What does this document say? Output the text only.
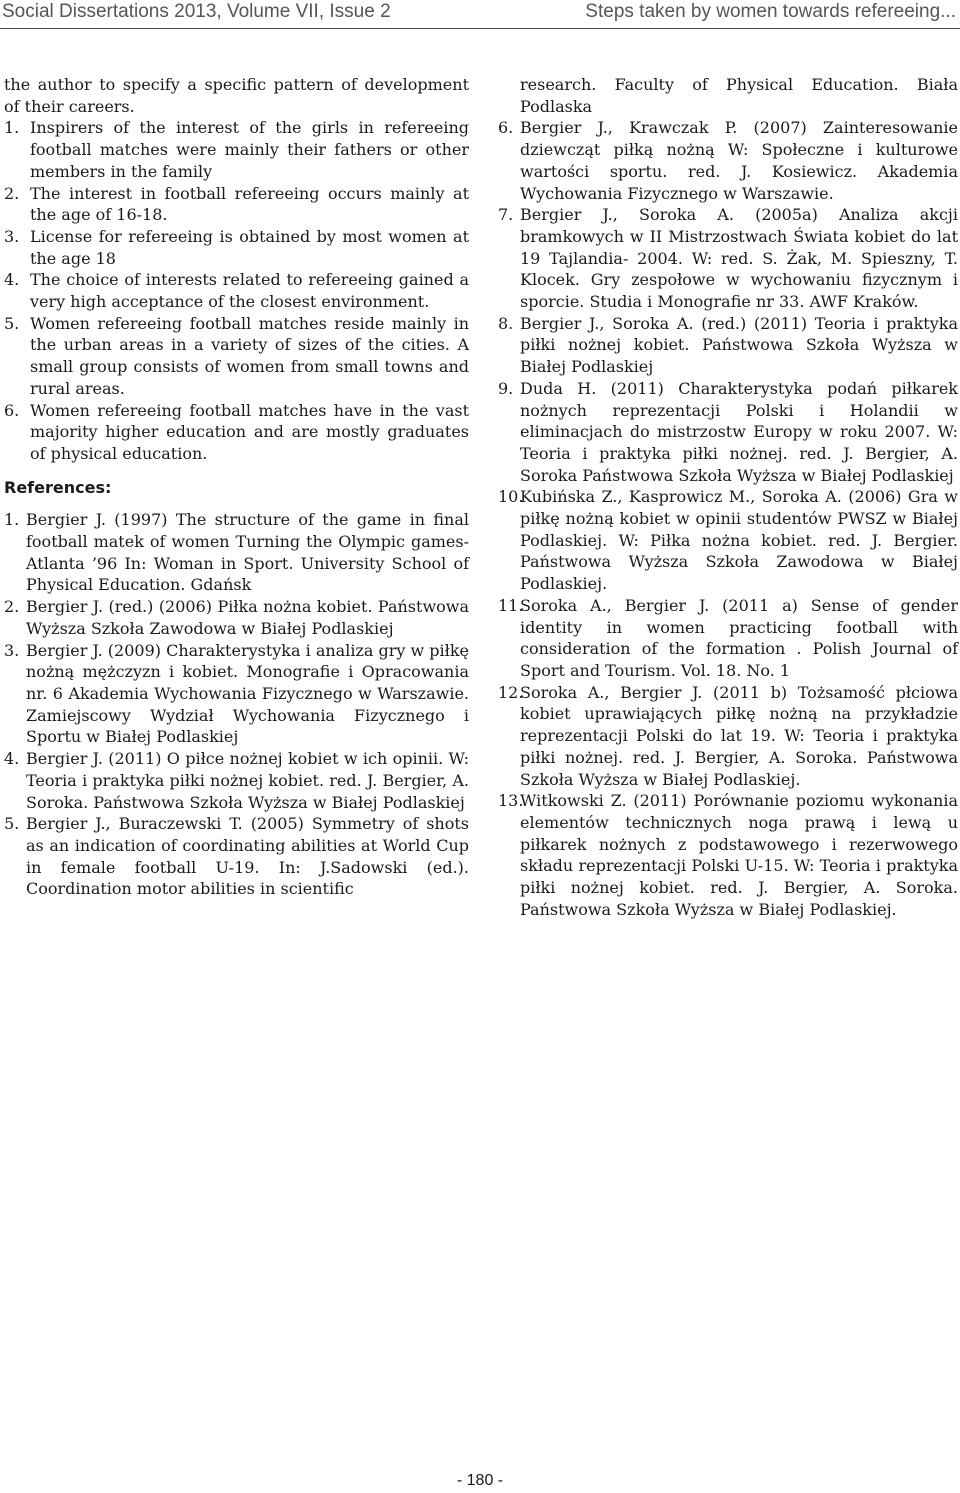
Social Dissertations 2013, Volume VII, Issue 2	Steps taken by women towards refereeing...

the author to specify a specific pattern of development of their careers.

1. Inspirers of the interest of the girls in refereeing football matches were mainly their fathers or other members in the family
2. The interest in football refereeing occurs mainly at the age of 16-18.
3. License for refereeing is obtained by most women at the age 18
4. The choice of interests related to refereeing gained a very high acceptance of the closest environment.
5. Women refereeing football matches reside mainly in the urban areas in a variety of sizes of the cities. A small group consists of women from small towns and rural areas.
6. Women refereeing football matches have in the vast majority higher education and are mostly graduates of physical education.
References:
1. Bergier J. (1997) The structure of the game in final football matek of women Turning the Olympic games- Atlanta ’96 In: Woman in Sport. University School of Physical Education. Gdańsk
2. Bergier J. (red.) (2006) Piłka nożna kobiet. Państwowa Wyższa Szkoła Zawodowa w Białej Podlaskiej
3. Bergier J. (2009) Charakterystyka i analiza gry w piłkę nożną mężczyzn i kobiet. Monografie i Opracowania nr. 6 Akademia Wychowania Fizycznego w Warszawie. Zamiejscowy Wydział Wychowania Fizycznego i Sportu w Białej Podlaskiej
4. Bergier J. (2011) O piłce nożnej kobiet w ich opinii. W: Teoria i praktyka piłki nożnej kobiet. red. J. Bergier, A. Soroka. Państwowa Szkoła Wyższa w Białej Podlaskiej
5. Bergier J., Buraczewski T. (2005) Symmetry of shots as an indication of coordinating abilities at World Cup in female football U-19. In: J.Sadowski (ed.). Coordination motor abilities in scientific

research. Faculty of Physical Education. Biała Podlaska

6. Bergier J., Krawczak P. (2007) Zainteresowanie dziewcząt piłką nożną W: Społeczne i kulturowe wartości sportu. red. J. Kosiewicz. Akademia Wychowania Fizycznego w Warszawie.
7. Bergier J., Soroka A. (2005a) Analiza akcji bramkowych w II Mistrzostwach Świata kobiet do lat 19 Tajlandia- 2004. W: red. S. Żak, M. Spieszny, T. Klocek. Gry zespołowe w wychowaniu fizycznym i sporcie. Studia i Monografie nr 33. AWF Kraków.
8. Bergier J., Soroka A. (red.) (2011) Teoria i praktyka piłki nożnej kobiet. Państwowa Szkoła Wyższa w Białej Podlaskiej
9. Duda H. (2011) Charakterystyka podań piłkarek nożnych reprezentacji Polski i Holandii w eliminacjach do mistrzostw Europy w roku 2007. W: Teoria i praktyka piłki nożnej. red. J. Bergier, A. Soroka Państwowa Szkoła Wyższa w Białej Podlaskiej
10.
Kubińska Z., Kasprowicz M., Soroka A. (2006) Gra w piłkę nożną kobiet w opinii studentów PWSZ w Białej Podlaskiej. W: Piłka nożna kobiet. red. J. Bergier. Państwowa Wyższa Szkoła Zawodowa w Białej Podlaskiej.
11.
Soroka A., Bergier J. (2011 a) Sense of gender identity in women practicing football with consideration of the formation . Polish Journal of Sport and Tourism. Vol. 18. No. 1
12.
Soroka A., Bergier J. (2011 b) Tożsamość płciowa kobiet uprawiających piłkę nożną na przykładzie reprezentacji Polski do lat 19. W: Teoria i praktyka piłki nożnej. red. J. Bergier, A. Soroka. Państwowa Szkoła Wyższa w Białej Podlaskiej.
13.
Witkowski Z. (2011) Porównanie poziomu wykonania elementów technicznych noga prawą i lewą u piłkarek nożnych z podstawowego i rezerwowego składu reprezentacji Polski U-15. W: Teoria i praktyka piłki nożnej kobiet. red. J. Bergier, A. Soroka. Państwowa Szkoła Wyższa w Białej Podlaskiej.
- 180 -
